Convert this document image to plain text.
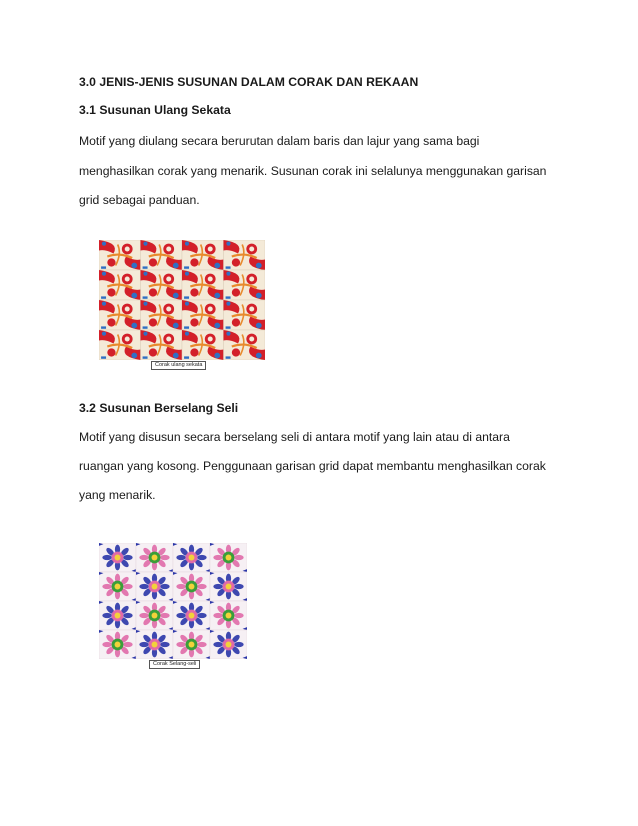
3.0 JENIS-JENIS SUSUNAN DALAM CORAK DAN REKAAN
3.1 Susunan Ulang Sekata
Motif yang diulang secara berurutan dalam baris dan lajur yang sama bagi
menghasilkan corak yang menarik. Susunan corak ini selalunya menggunakan garisan
grid sebagai panduan.
Corak ulang sekata
3.2 Susunan Berselang Seli
Motif yang disusun secara berselang seli di antara motif yang lain atau di antara
ruangan yang kosong. Penggunaan garisan grid dapat membantu menghasilkan corak
yang menarik.
Corak Selang-seli
